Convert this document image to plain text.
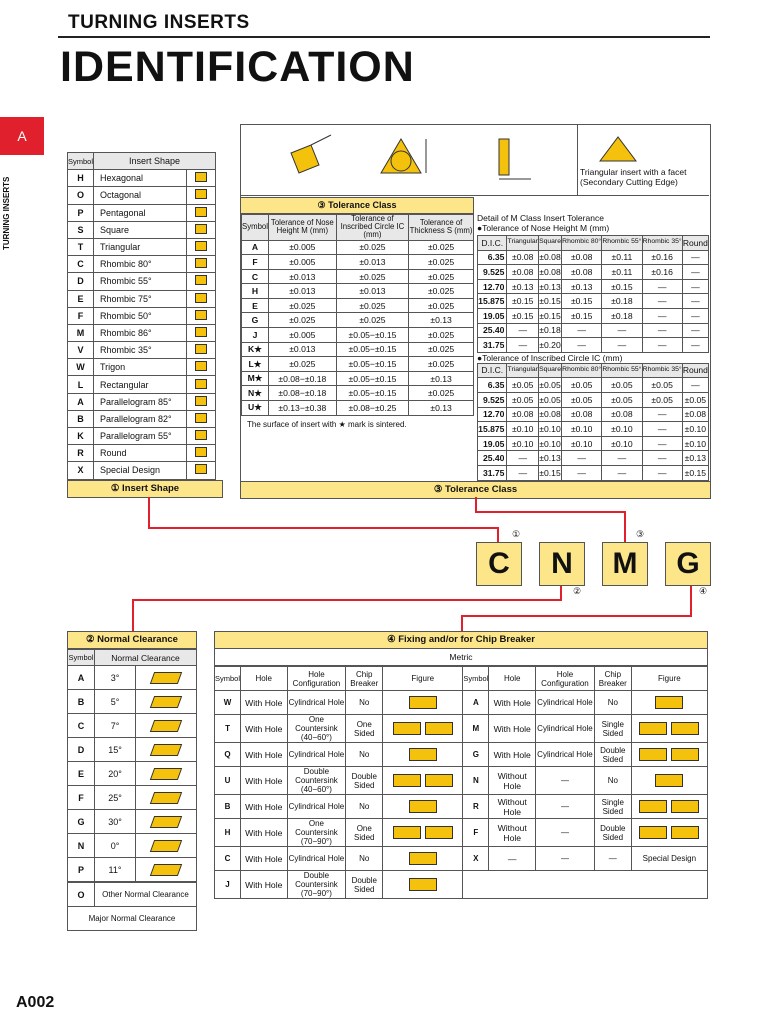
TURNING INSERTS
IDENTIFICATION
A
TURNING INSERTS
A002
Symbol	Insert Shape	
H	Hexagonal	
O	Octagonal	
P	Pentagonal	
S	Square	
T	Triangular	
C	Rhombic 80°	
D	Rhombic 55°	
E	Rhombic 75°	
F	Rhombic 50°	
M	Rhombic 86°	
V	Rhombic 35°	
W	Trigon	
L	Rectangular	
A	Parallelogram 85°	
B	Parallelogram 82°	
K	Parallelogram 55°	
R	Round	
X	Special Design	
① Insert Shape
Triangular insert with a facet (Secondary Cutting Edge)
③ Tolerance Class
Symbol	Tolerance of Nose Height M (mm)	Tolerance of Inscribed Circle IC (mm)	Tolerance of Thickness S (mm)
A	±0.005	±0.025	±0.025
F	±0.005	±0.013	±0.025
C	±0.013	±0.025	±0.025
H	±0.013	±0.013	±0.025
E	±0.025	±0.025	±0.025
G	±0.025	±0.025	±0.13
J	±0.005	±0.05−±0.15	±0.025
K★	±0.013	±0.05−±0.15	±0.025
L★	±0.025	±0.05−±0.15	±0.025
M★	±0.08−±0.18	±0.05−±0.15	±0.13
N★	±0.08−±0.18	±0.05−±0.15	±0.025
U★	±0.13−±0.38	±0.08−±0.25	±0.13
The surface of insert with ★ mark is sintered.
Detail of M Class Insert Tolerance
●Tolerance of Nose Height M (mm)
D.I.C.	Triangular	Square	Rhombic 80°	Rhombic 55°	Rhombic 35°	Round
6.35	±0.08	±0.08	±0.08	±0.11	±0.16	—
9.525	±0.08	±0.08	±0.08	±0.11	±0.16	—
12.70	±0.13	±0.13	±0.13	±0.15	—	—
15.875	±0.15	±0.15	±0.15	±0.18	—	—
19.05	±0.15	±0.15	±0.15	±0.18	—	—
25.40	—	±0.18	—	—	—	—
31.75	—	±0.20	—	—	—	—
●Tolerance of Inscribed Circle IC (mm)
D.I.C.	Triangular	Square	Rhombic 80°	Rhombic 55°	Rhombic 35°	Round
6.35	±0.05	±0.05	±0.05	±0.05	±0.05	—
9.525	±0.05	±0.05	±0.05	±0.05	±0.05	±0.05
12.70	±0.08	±0.08	±0.08	±0.08	—	±0.08
15.875	±0.10	±0.10	±0.10	±0.10	—	±0.10
19.05	±0.10	±0.10	±0.10	±0.10	—	±0.10
25.40	—	±0.13	—	—	—	±0.13
31.75	—	±0.15	—	—	—	±0.15
③ Tolerance Class
C	N	M	G
①
②
③
④
② Normal Clearance
Symbol	Normal Clearance	
A	3°	
B	5°	
C	7°	
D	15°	
E	20°	
F	25°	
G	30°	
N	0°	
P	11°	
O	Other Normal Clearance
Major Normal Clearance
④ Fixing and/or for Chip Breaker
Metric
Symbol	Hole	Hole Configuration	Chip Breaker	Figure	Symbol	Hole	Hole Configuration	Chip Breaker	Figure
W	With Hole	Cylindrical Hole	No		A	With Hole	Cylindrical Hole	No	
T	With Hole	One Countersink (40−60°)	One Sided		M	With Hole	Cylindrical Hole	Single Sided	
Q	With Hole	Cylindrical Hole	No		G	With Hole	Cylindrical Hole	Double Sided	
U	With Hole	Double Countersink (40−60°)	Double Sided		N	Without Hole	—	No	
B	With Hole	Cylindrical Hole	No		R	Without Hole	—	Single Sided	
H	With Hole	One Countersink (70−90°)	One Sided		F	Without Hole	—	Double Sided	
C	With Hole	Cylindrical Hole	No		X	—	—	—	Special Design
J	With Hole	Double Countersink (70−90°)	Double Sided						
